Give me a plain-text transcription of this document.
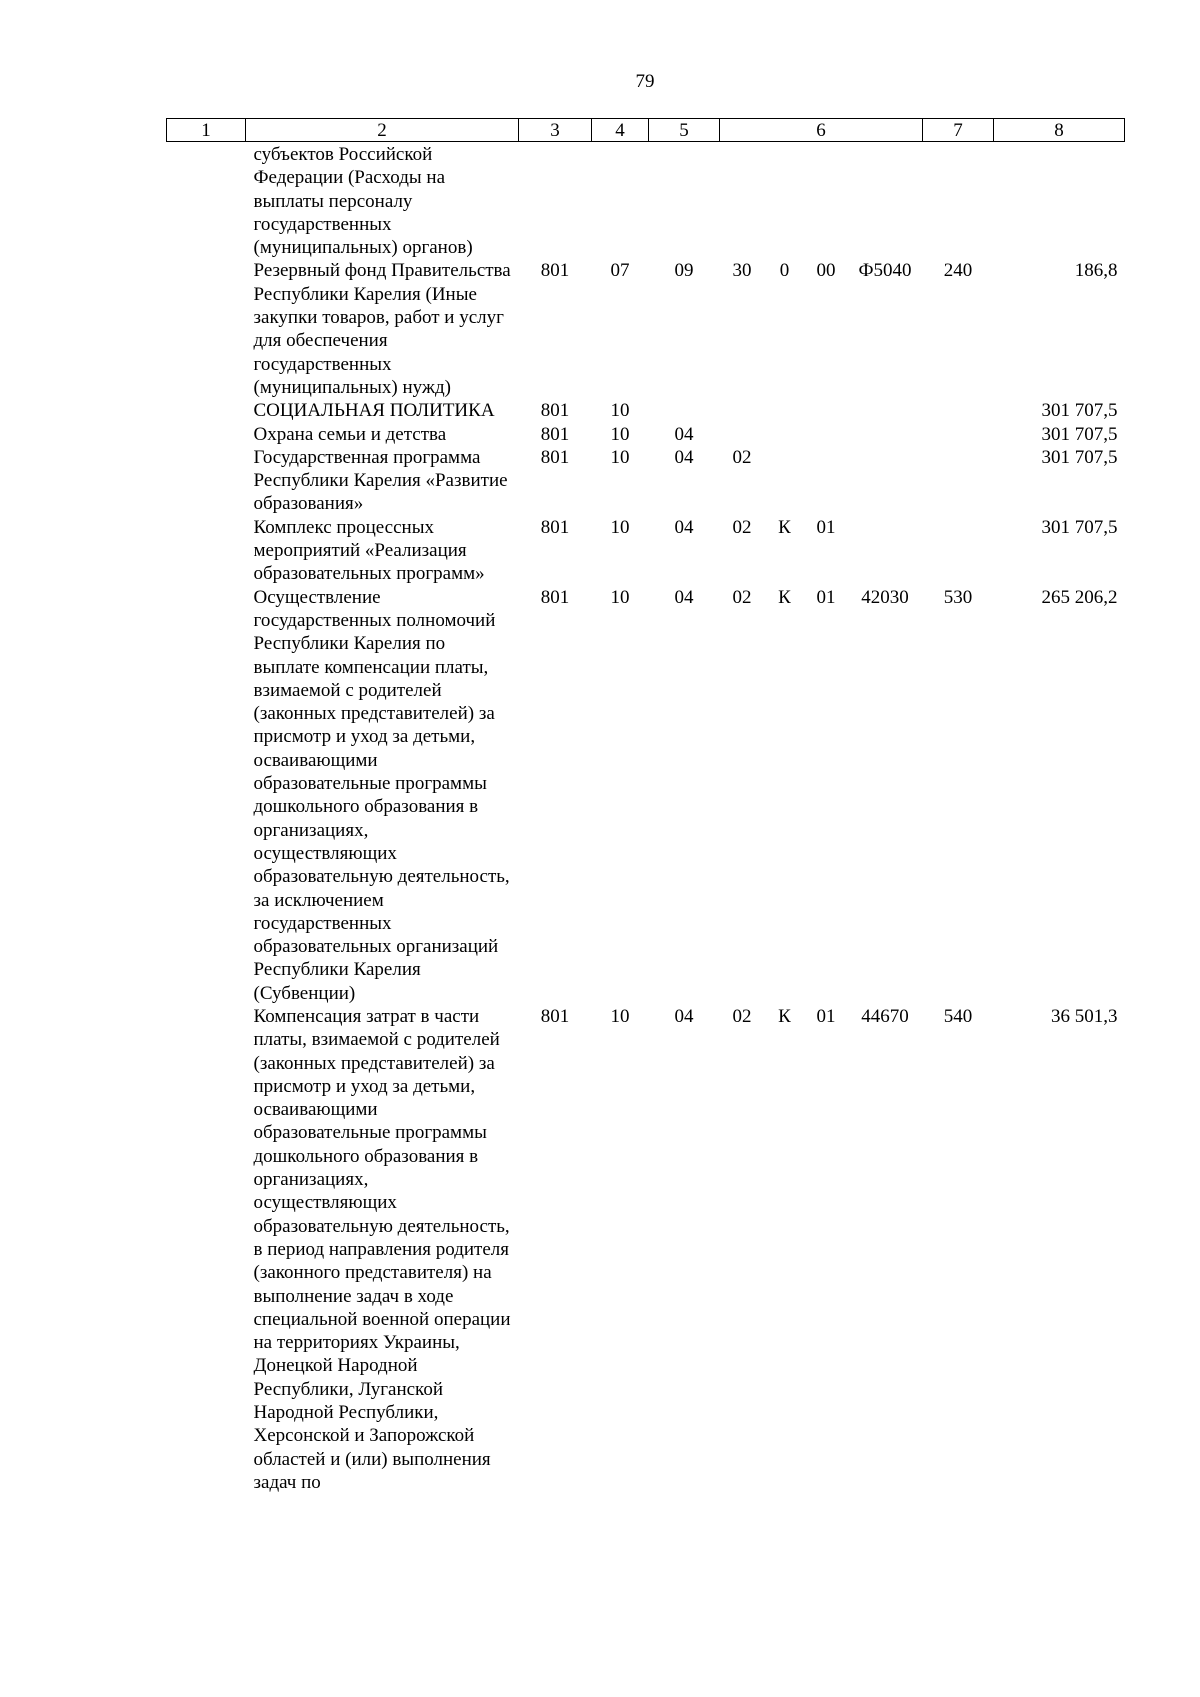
79
1	2	3	4	5	6				7	8
	субъектов Российской Федерации (Расходы на выплаты персоналу государственных (муниципальных) органов)									
	Резервный фонд Правительства Республики Карелия (Иные закупки товаров, работ и услуг для обеспечения государственных (муниципальных) нужд)	801	07	09	30	0	00	Ф5040	240	186,8
	СОЦИАЛЬНАЯ ПОЛИТИКА	801	10							301 707,5
	Охрана семьи и детства	801	10	04						301 707,5
	Государственная программа Республики Карелия «Развитие образования»	801	10	04	02					301 707,5
	Комплекс процессных мероприятий «Реализация образовательных программ»	801	10	04	02	К	01			301 707,5
	Осуществление государственных полномочий Республики Карелия по выплате компенсации платы, взимаемой с родителей (законных представителей) за присмотр и уход за детьми, осваивающими образовательные программы дошкольного образования в организациях, осуществляющих образовательную деятельность, за исключением государственных образовательных организаций Республики Карелия (Субвенции)	801	10	04	02	К	01	42030	530	265 206,2
	Компенсация затрат в части платы, взимаемой с родителей (законных представителей) за присмотр и уход за детьми, осваивающими образовательные программы дошкольного образования в организациях, осуществляющих образовательную деятельность, в период направления родителя (законного представителя) на выполнение задач в ходе специальной военной операции на территориях Украины, Донецкой Народной Республики, Луганской Народной Республики, Херсонской и Запорожской областей и (или) выполнения задач по	801	10	04	02	К	01	44670	540	36 501,3
